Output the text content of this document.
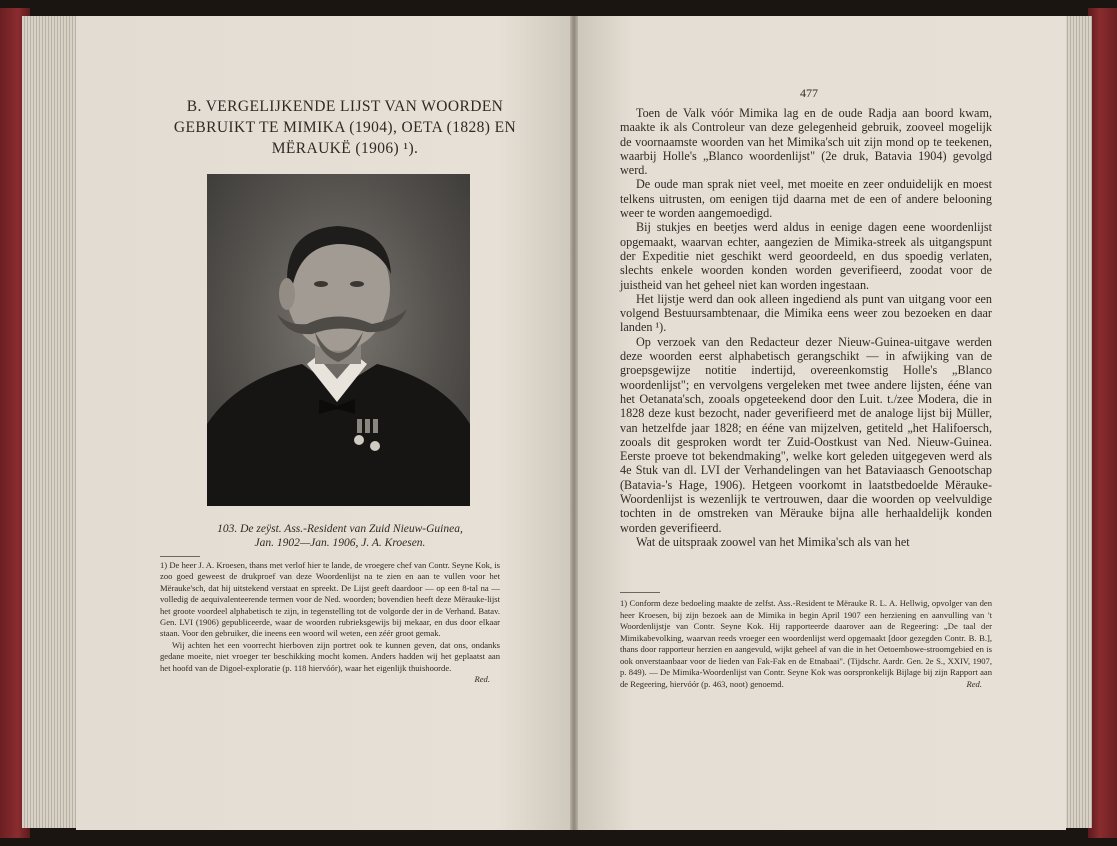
B. VERGELIJKENDE LIJST VAN WOORDEN
GEBRUIKT TE MIMIKA (1904), OETA (1828) EN
MËRAUKË (1906) ¹).
103. De zeÿst. Ass.-Resident van Zuid Nieuw-Guinea,
Jan. 1902—Jan. 1906, J. A. Kroesen.
1) De heer J. A. Kroesen, thans met verlof hier te lande, de vroegere chef van Contr. Seyne Kok, is zoo goed geweest de drukproef van deze Woordenlijst na te zien en aan te vullen voor het Mërauke'sch, dat hij uitstekend verstaat en spreekt. De Lijst geeft daardoor — op een 8-tal na — volledig de aequivalenteerende termen voor de Ned. woorden; bovendien heeft deze Mërauke-lijst het groote voordeel alphabetisch te zijn, in tegenstelling tot de volgorde der in de Verhand. Batav. Gen. LVI (1906) gepubliceerde, waar de woorden rubrieksgewijs bij mekaar, en dus door elkaar staan. Voor den gebruiker, die ineens een woord wil weten, een zéér groot gemak.
Wij achten het een voorrecht hierboven zijn portret ook te kunnen geven, dat ons, ondanks gedane moeite, niet vroeger ter beschikking mocht komen. Anders hadden wij het geplaatst aan het hoofd van de Digoel-exploratie (p. 118 hiervóór), waar het eigenlijk thuishoorde.
Red.
477
Toen de Valk vóór Mimika lag en de oude Radja aan boord kwam, maakte ik als Controleur van deze gelegenheid gebruik, zooveel mogelijk de voornaamste woorden van het Mimika'sch uit zijn mond op te teekenen, waarbij Holle's „Blanco woordenlijst" (2e druk, Batavia 1904) gevolgd werd.
De oude man sprak niet veel, met moeite en zeer onduidelijk en moest telkens uitrusten, om eenigen tijd daarna met de een of andere belooning weer te worden aangemoedigd.
Bij stukjes en beetjes werd aldus in eenige dagen eene woordenlijst opgemaakt, waarvan echter, aangezien de Mimika-streek als uitgangspunt der Expeditie niet geschikt werd geoordeeld, en dus spoedig verlaten, slechts enkele woorden konden worden geverifieerd, zoodat voor de juistheid van het geheel niet kan worden ingestaan.
Het lijstje werd dan ook alleen ingediend als punt van uitgang voor een volgend Bestuursambtenaar, die Mimika eens weer zou bezoeken en daar landen ¹).
Op verzoek van den Redacteur dezer Nieuw-Guinea-uitgave werden deze woorden eerst alphabetisch gerangschikt — in afwijking van de groepsgewijze notitie indertijd, overeenkomstig Holle's „Blanco woordenlijst"; en vervolgens vergeleken met twee andere lijsten, ééne van het Oetanata'sch, zooals opgeteekend door den Luit. t./zee Modera, die in 1828 deze kust bezocht, nader geverifieerd met de analoge lijst bij Müller, van hetzelfde jaar 1828; en ééne van mijzelven, getiteld „het Halifoersch, zooals dit gesproken wordt ter Zuid-Oostkust van Ned. Nieuw-Guinea. Eerste proeve tot bekendmaking", welke kort geleden uitgegeven werd als 4e Stuk van dl. LVI der Verhandelingen van het Bataviaasch Genootschap (Batavia-'s Hage, 1906). Hetgeen voorkomt in laatstbedoelde Mërauke-Woordenlijst is wezenlijk te vertrouwen, daar die woorden op veelvuldige tochten in de omstreken van Mërauke bijna alle herhaaldelijk konden worden geverifieerd.
Wat de uitspraak zoowel van het Mimika'sch als van het
1) Conform deze bedoeling maakte de zelfst. Ass.-Resident te Mërauke R. L. A. Hellwig, opvolger van den heer Kroesen, bij zijn bezoek aan de Mimika in begin April 1907 een herziening en aanvulling van 't Woordenlijstje van Contr. Seyne Kok. Hij rapporteerde daarover aan de Regeering: „De taal der Mimikabevolking, waarvan reeds vroeger een woordenlijst werd opgemaakt [door gezegden Contr. B. B.], thans door rapporteur herzien en aangevuld, wijkt geheel af van die in het Oetoembowe-stroomgebied en is ook onverstaanbaar voor de lieden van Fak-Fak en de Etnabaai". (Tijdschr. Aardr. Gen. 2e S., XXIV, 1907, p. 849). — De Mimika-Woordenlijst van Contr. Seyne Kok was oorspronkelijk Bijlage bij zijn Rapport aan de Regeering, hiervóór (p. 463, noot) genoemd.	Red.
